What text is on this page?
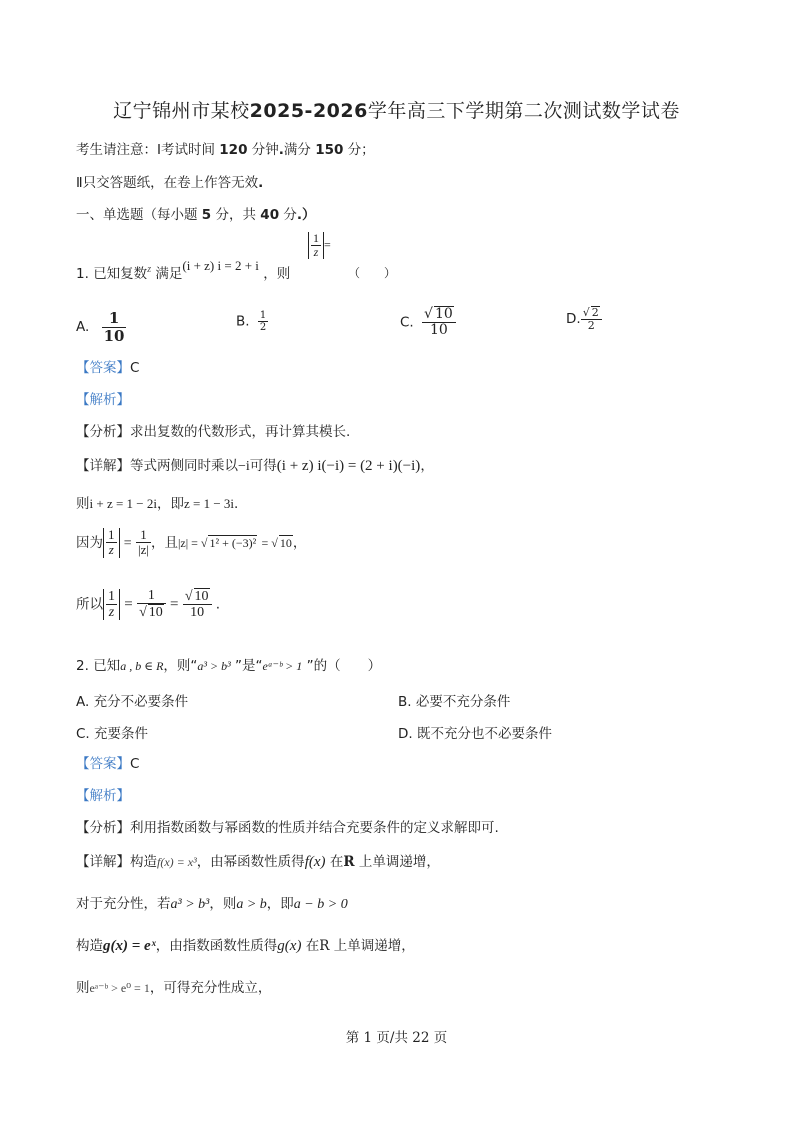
辽宁锦州市某校2025-2026学年高三下学期第二次测试数学试卷
考生请注意：Ⅰ考试时间 120 分钟.满分 150 分；
Ⅱ只交答题纸，在卷上作答无效.
一、单选题（每小题 5 分，共 40 分.）
1. 已知复数$^z$ 满足(i + z) i = 2 + i ，则
$\frac{1}{z}$ =
（　　）
A. $\frac{1}{10}$	B. $\frac{1}{2}$	C. $\frac{√ 10}{10}$	D. $\frac{√ 2}{2}$
【答案】C
【解析】
【分析】求出复数的代数形式，再计算其模长.
【详解】等式两侧同时乘以−i可得(i + z) i(−i) = (2 + i)(−i)，
则i + z = 1 − 2i，即z = 1 − 3i.
因为 $\frac{1}{z} = \frac{1}{|z|}$ ，且|z| = √ 1² + (−3)² = √ 10，
所以 $\frac{1}{z} = \frac{1}{√ 10} = \frac{√ 10}{10}$ .
2. 已知a , b ∈ R，则“a³ > b³ ”是“eᵃ⁻ᵇ > 1 ”的（　　）
A. 充分不必要条件	B. 必要不充分条件
C. 充要条件	D. 既不充分也不必要条件
【答案】C
【解析】
【分析】利用指数函数与幂函数的性质并结合充要条件的定义求解即可.
【详解】构造f(x) = x³，由幂函数性质得f(x) 在R 上单调递增，
对于充分性，若a³ > b³，则a > b，即a − b > 0
构造g(x) = eˣ，由指数函数性质得g(x) 在R 上单调递增，
则eᵃ⁻ᵇ > e⁰ = 1，可得充分性成立，
第 1 页/共 22 页
